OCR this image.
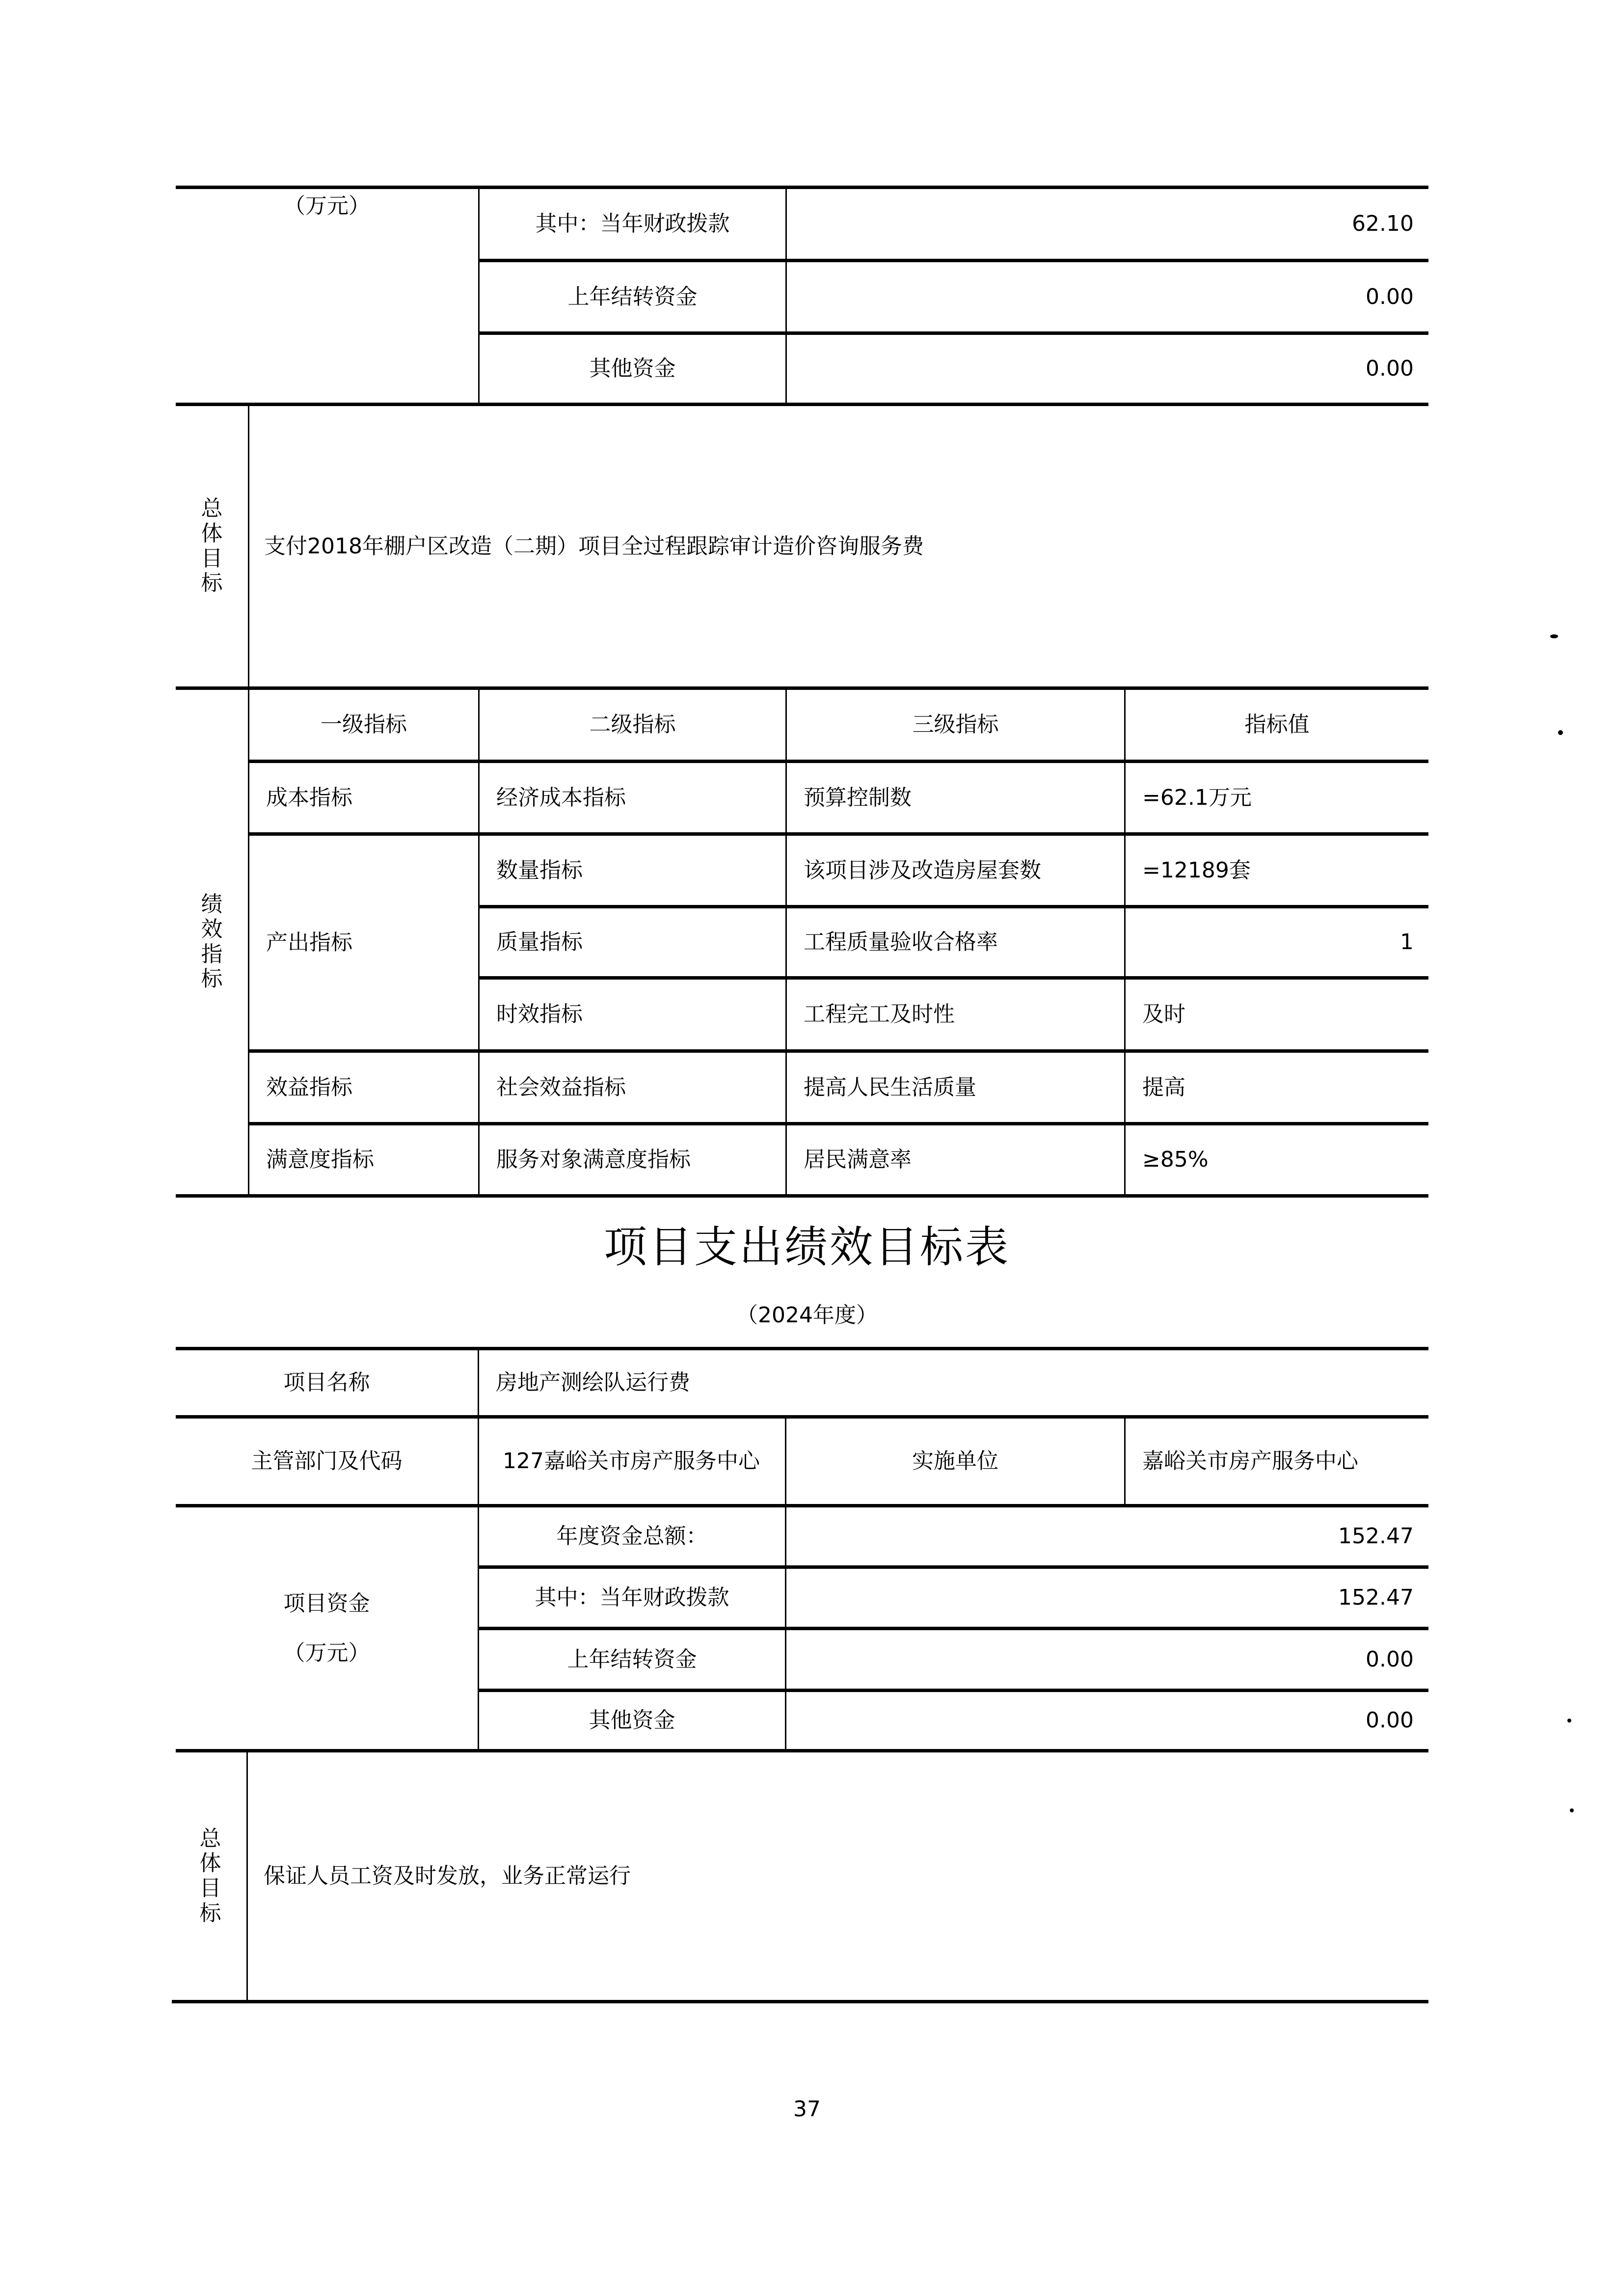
（万元）
其中：当年财政拨款	62.10
上年结转资金	0.00
其他资金	0.00
总
体
目
标
支付2018年棚户区改造（二期）项目全过程跟踪审计造价咨询服务费
绩
效
指
标
一级指标	二级指标	三级指标	指标值
成本指标	经济成本指标	预算控制数	=62.1万元
产出指标
数量指标	该项目涉及改造房屋套数	=12189套
质量指标	工程质量验收合格率	1
时效指标	工程完工及时性	及时
效益指标	社会效益指标	提高人民生活质量	提高
满意度指标	服务对象满意度指标	居民满意率	≥85%
项目支出绩效目标表
（2024年度）
项目名称	房地产测绘队运行费
主管部门及代码	127嘉峪关市房产服务中心	实施单位	嘉峪关市房产服务中心
项目资金
（万元）
年度资金总额：	152.47
其中：当年财政拨款	152.47
上年结转资金	0.00
其他资金	0.00
总
体
目
标
保证人员工资及时发放，业务正常运行
37
